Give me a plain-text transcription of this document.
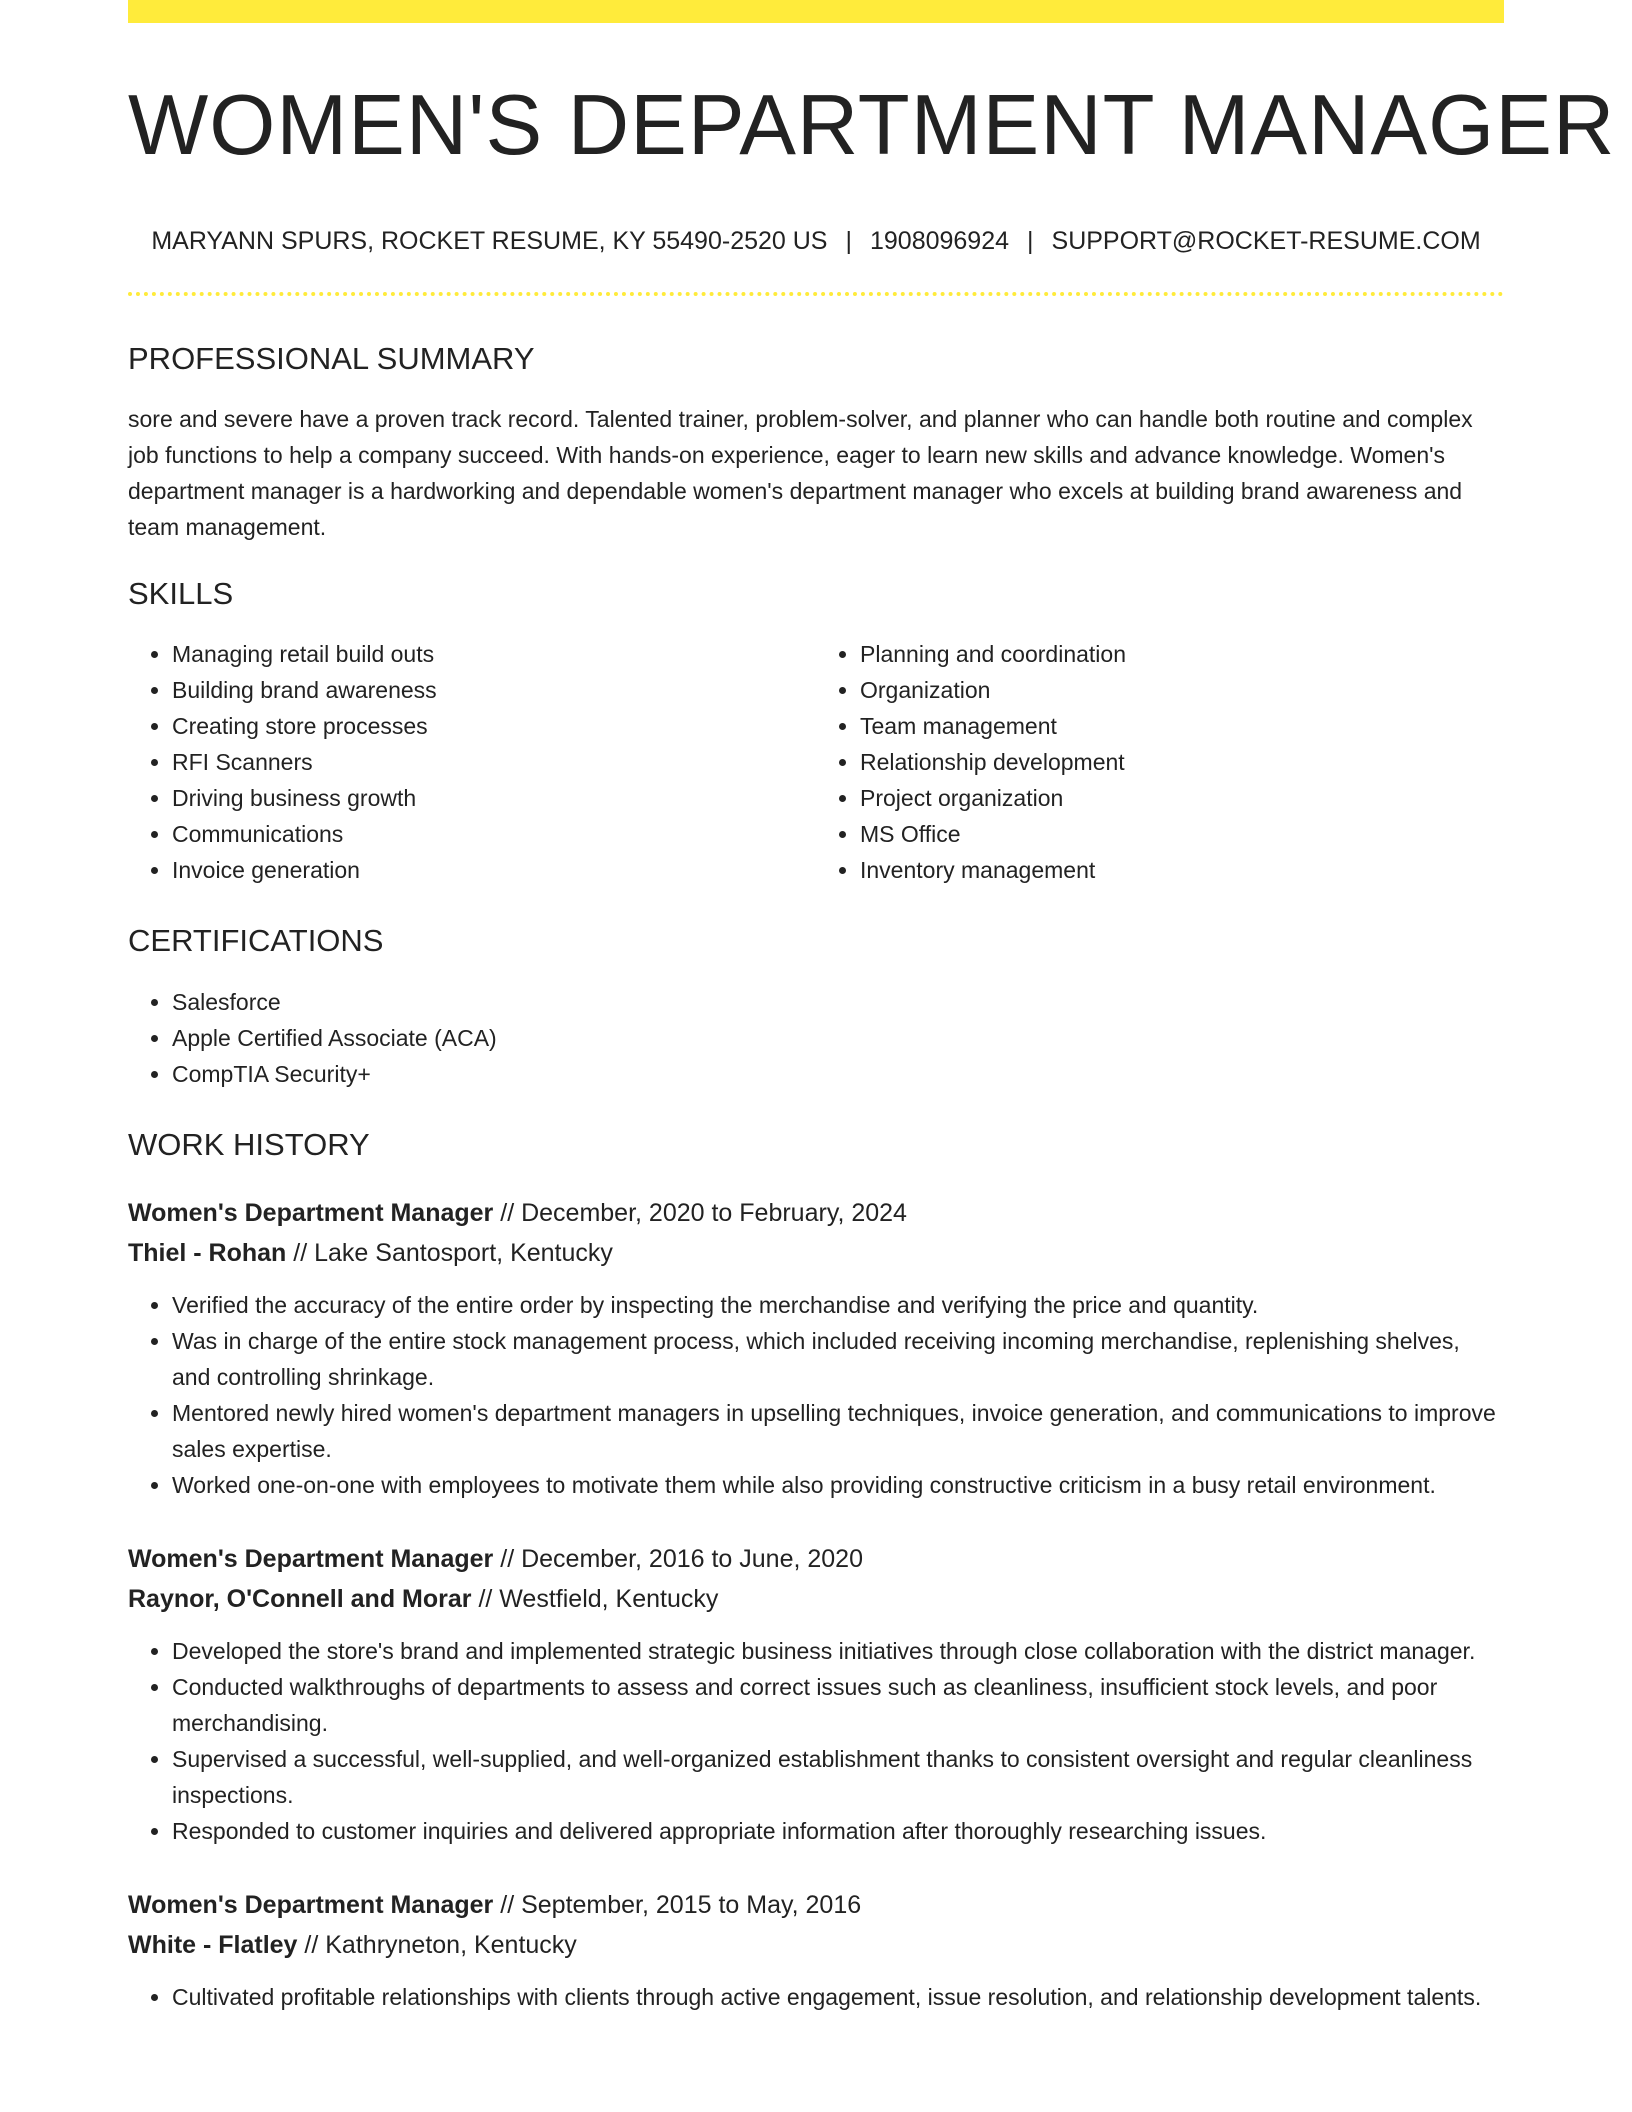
WOMEN'S DEPARTMENT MANAGER
MARYANN SPURS, ROCKET RESUME, KY 55490-2520 US | 1908096924 | SUPPORT@ROCKET-RESUME.COM
PROFESSIONAL SUMMARY

sore and severe have a proven track record. Talented trainer, problem-solver, and planner who can handle both routine and complex job functions to help a company succeed. With hands-on experience, eager to learn new skills and advance knowledge. Women's department manager is a hardworking and dependable women's department manager who excels at building brand awareness and team management.

SKILLS
• Managing retail build outs
• Building brand awareness
• Creating store processes
• RFI Scanners
• Driving business growth
• Communications
• Invoice generation
• Planning and coordination
• Organization
• Team management
• Relationship development
• Project organization
• MS Office
• Inventory management
CERTIFICATIONS
• Salesforce
• Apple Certified Associate (ACA)
• CompTIA Security+
WORK HISTORY
Women's Department Manager // December, 2020 to February, 2024
Thiel - Rohan // Lake Santosport, Kentucky
• Verified the accuracy of the entire order by inspecting the merchandise and verifying the price and quantity.
• Was in charge of the entire stock management process, which included receiving incoming merchandise, replenishing shelves, and controlling shrinkage.
• Mentored newly hired women's department managers in upselling techniques, invoice generation, and communications to improve sales expertise.
• Worked one-on-one with employees to motivate them while also providing constructive criticism in a busy retail environment.
Women's Department Manager // December, 2016 to June, 2020
Raynor, O'Connell and Morar // Westfield, Kentucky
• Developed the store's brand and implemented strategic business initiatives through close collaboration with the district manager.
• Conducted walkthroughs of departments to assess and correct issues such as cleanliness, insufficient stock levels, and poor merchandising.
• Supervised a successful, well-supplied, and well-organized establishment thanks to consistent oversight and regular cleanliness inspections.
• Responded to customer inquiries and delivered appropriate information after thoroughly researching issues.
Women's Department Manager // September, 2015 to May, 2016
White - Flatley // Kathryneton, Kentucky
• Cultivated profitable relationships with clients through active engagement, issue resolution, and relationship development talents.
